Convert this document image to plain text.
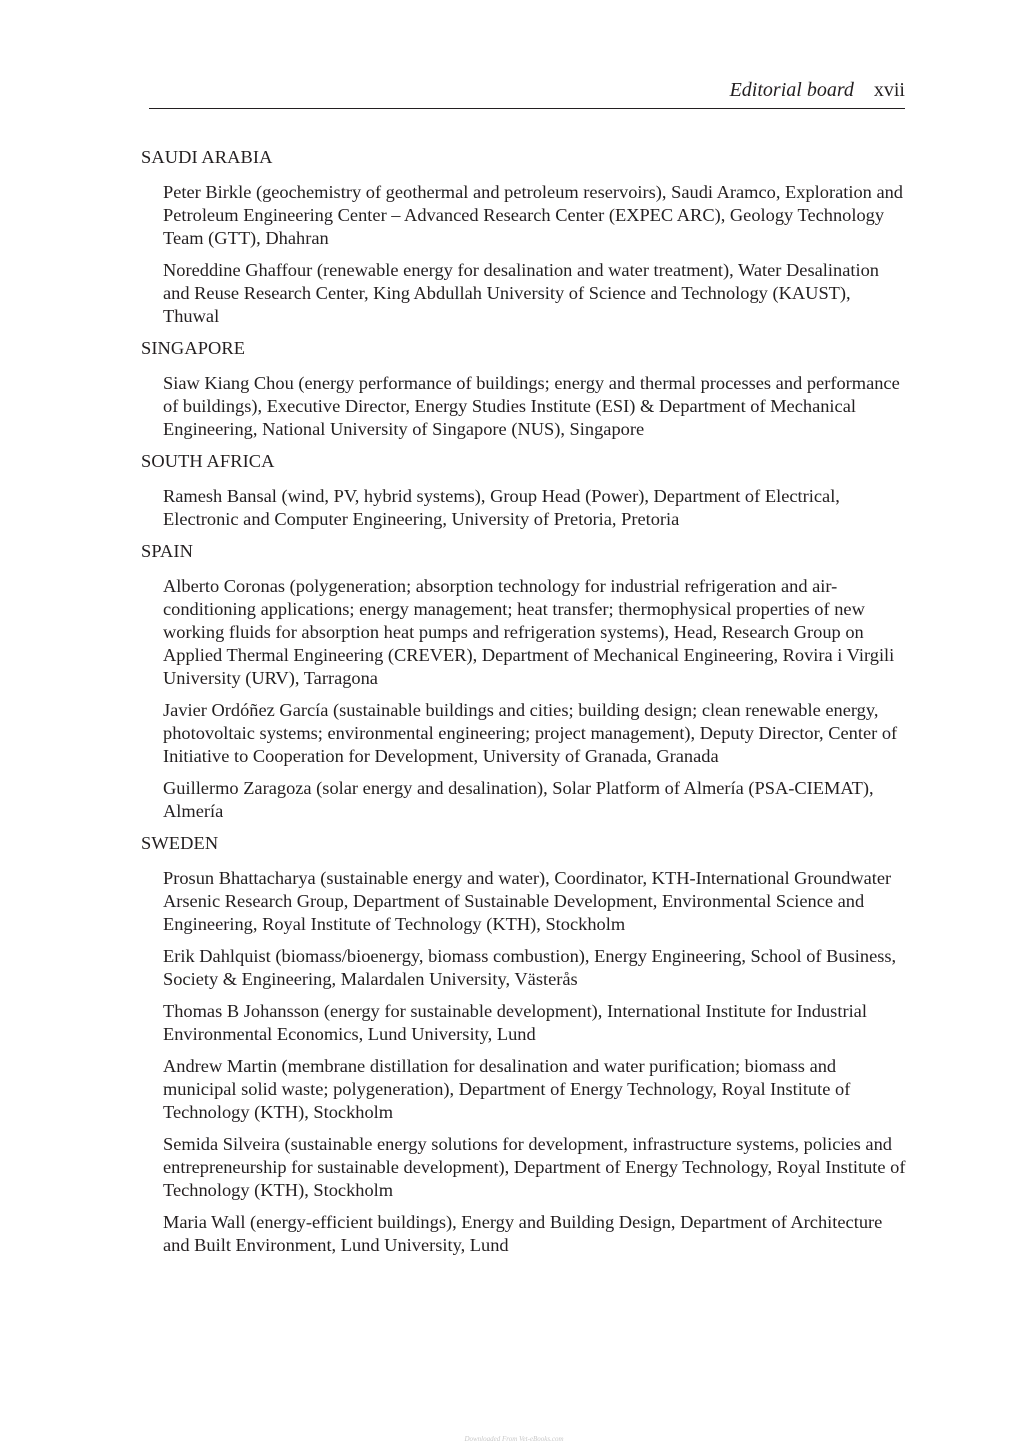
Editorial board xvii

SAUDI ARABIA

Peter Birkle (geochemistry of geothermal and petroleum reservoirs), Saudi Aramco, Exploration and Petroleum Engineering Center – Advanced Research Center (EXPEC ARC), Geology Technology Team (GTT), Dhahran

Noreddine Ghaffour (renewable energy for desalination and water treatment), Water Desalination and Reuse Research Center, King Abdullah University of Science and Technology (KAUST), Thuwal

SINGAPORE

Siaw Kiang Chou (energy performance of buildings; energy and thermal processes and performance of buildings), Executive Director, Energy Studies Institute (ESI) & Department of Mechanical Engineering, National University of Singapore (NUS), Singapore

SOUTH AFRICA

Ramesh Bansal (wind, PV, hybrid systems), Group Head (Power), Department of Electrical, Electronic and Computer Engineering, University of Pretoria, Pretoria

SPAIN

Alberto Coronas (polygeneration; absorption technology for industrial refrigeration and air-conditioning applications; energy management; heat transfer; thermophysical properties of new working fluids for absorption heat pumps and refrigeration systems), Head, Research Group on Applied Thermal Engineering (CREVER), Department of Mechanical Engineering, Rovira i Virgili University (URV), Tarragona

Javier Ordóñez García (sustainable buildings and cities; building design; clean renewable energy, photovoltaic systems; environmental engineering; project management), Deputy Director, Center of Initiative to Cooperation for Development, University of Granada, Granada

Guillermo Zaragoza (solar energy and desalination), Solar Platform of Almería (PSA-CIEMAT), Almería

SWEDEN

Prosun Bhattacharya (sustainable energy and water), Coordinator, KTH-International Groundwater Arsenic Research Group, Department of Sustainable Development, Environmental Science and Engineering, Royal Institute of Technology (KTH), Stockholm

Erik Dahlquist (biomass/bioenergy, biomass combustion), Energy Engineering, School of Business, Society & Engineering, Malardalen University, Västerås

Thomas B Johansson (energy for sustainable development), International Institute for Industrial Environmental Economics, Lund University, Lund

Andrew Martin (membrane distillation for desalination and water purification; biomass and municipal solid waste; polygeneration), Department of Energy Technology, Royal Institute of Technology (KTH), Stockholm

Semida Silveira (sustainable energy solutions for development, infrastructure systems, policies and entrepreneurship for sustainable development), Department of Energy Technology, Royal Institute of Technology (KTH), Stockholm

Maria Wall (energy-efficient buildings), Energy and Building Design, Department of Architecture and Built Environment, Lund University, Lund

Downloaded From Vet-eBooks.com
